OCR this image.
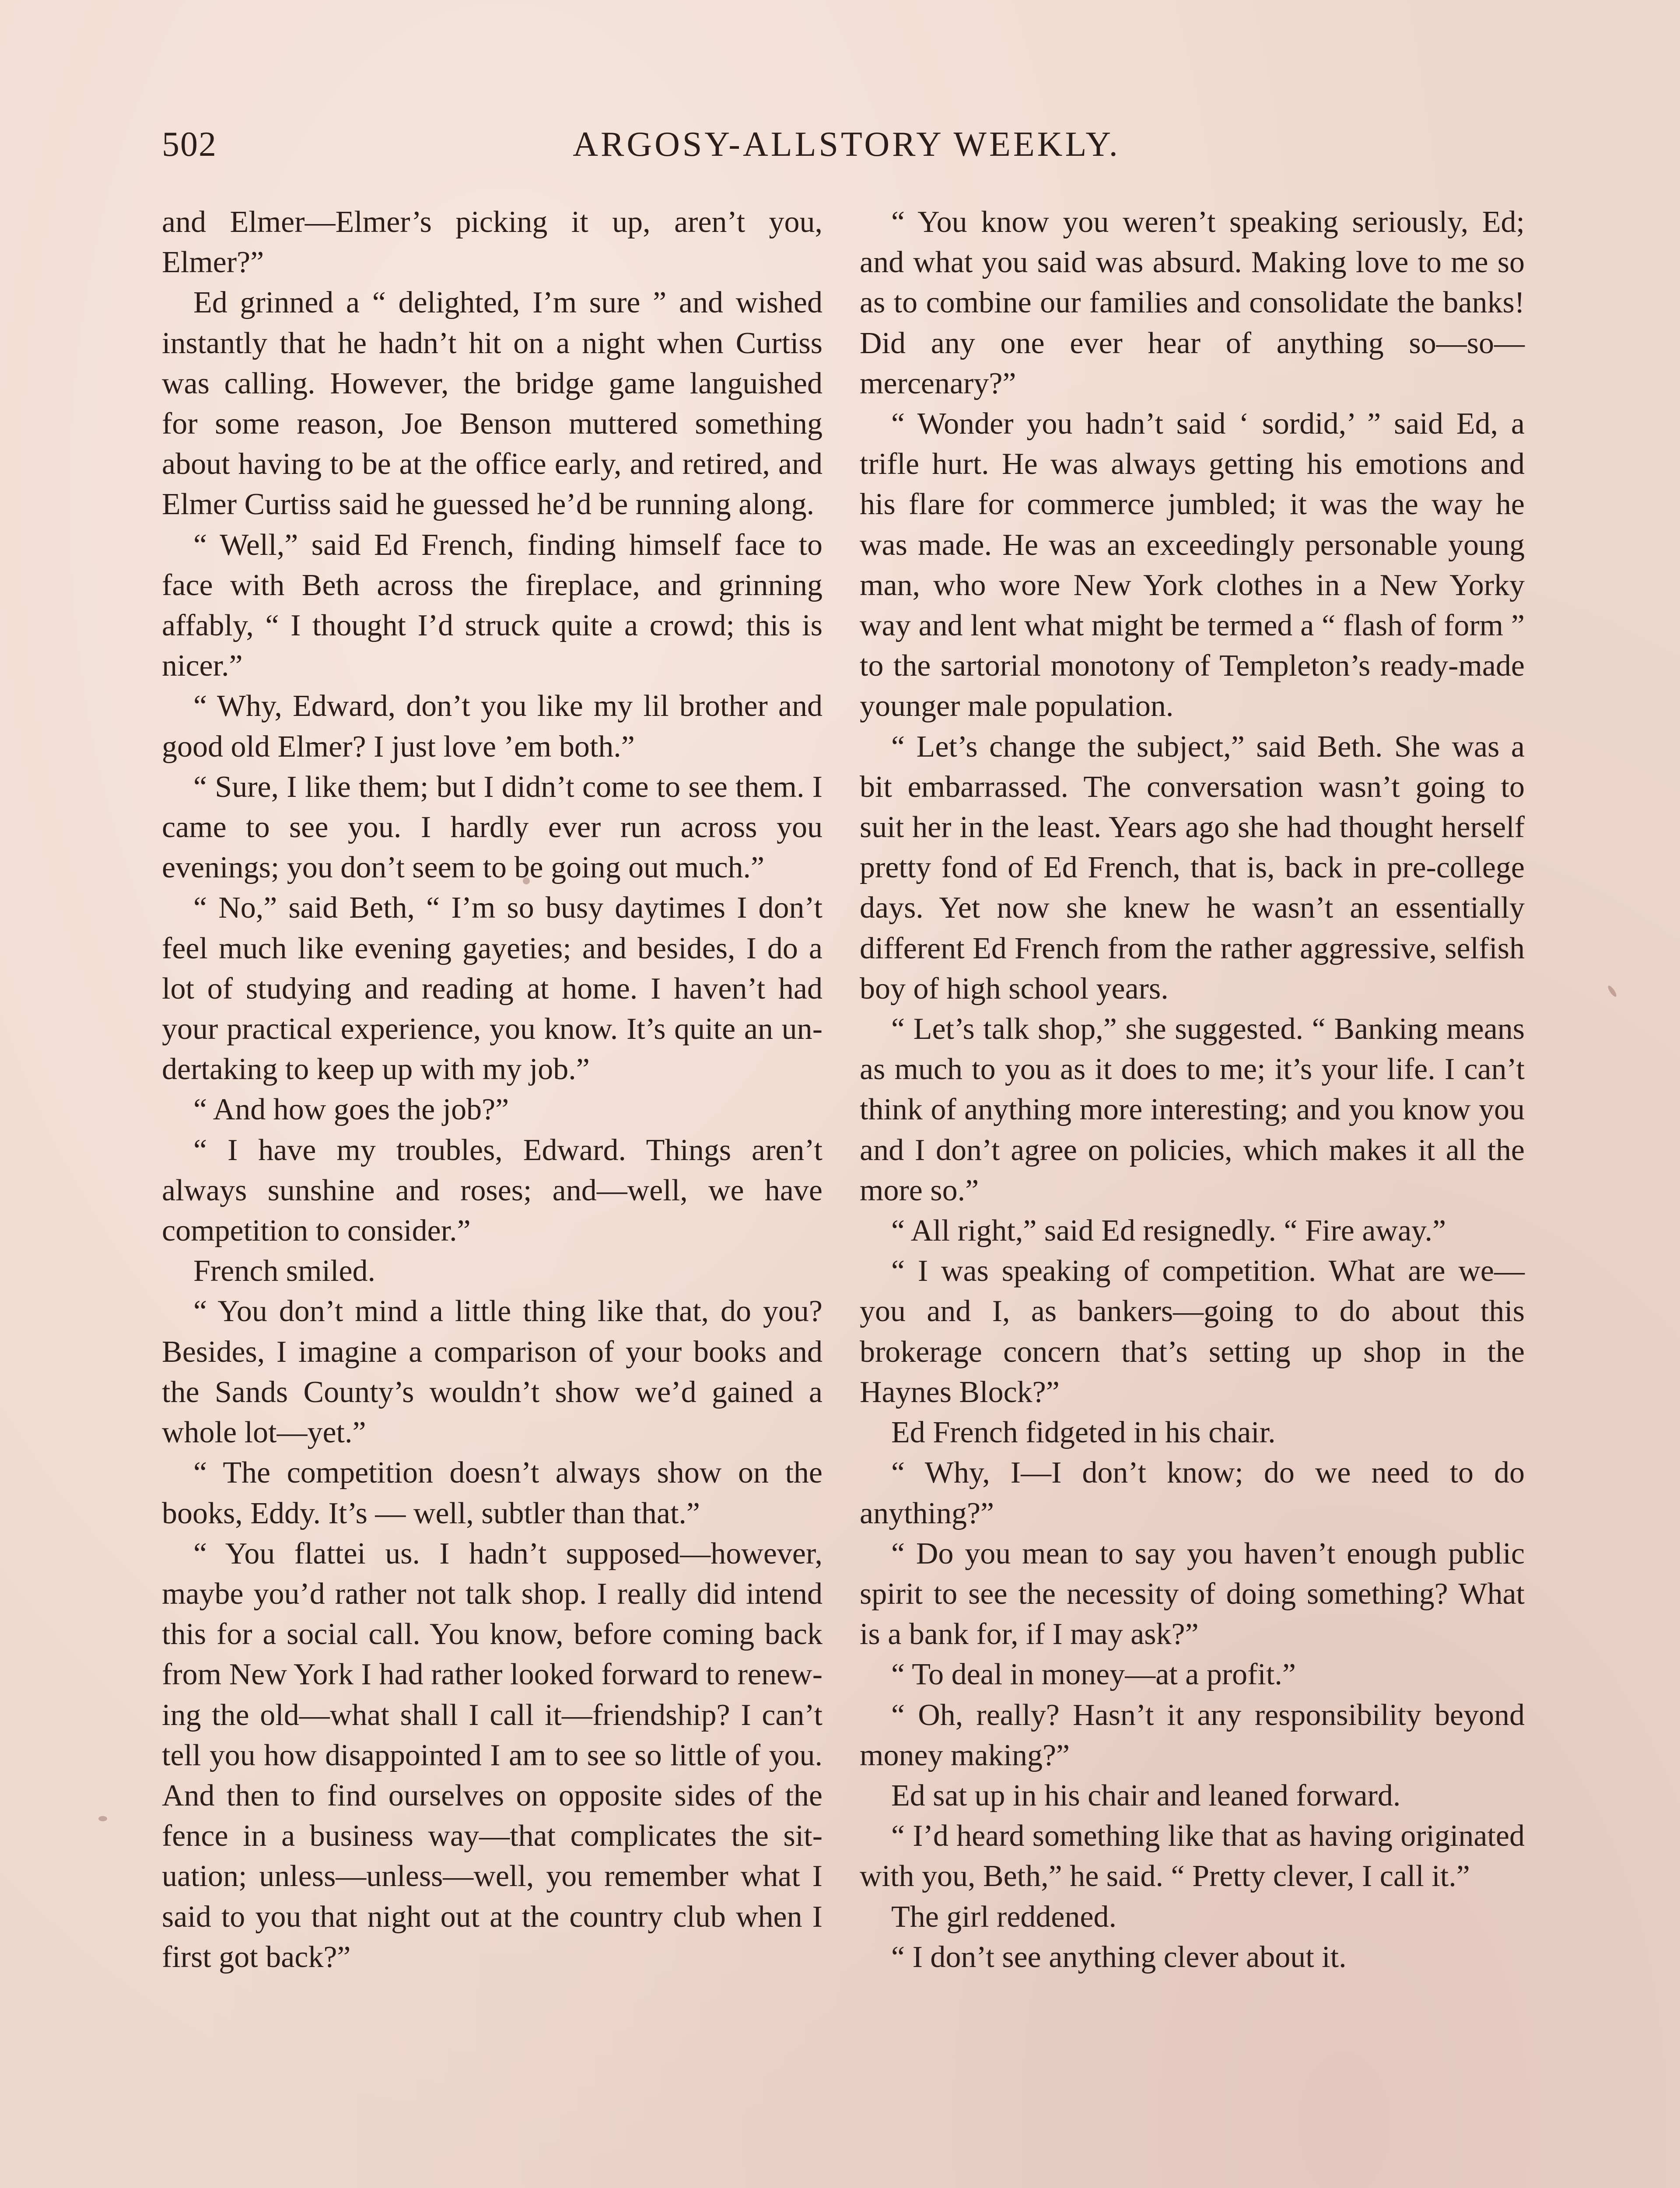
502	ARGOSY-ALLSTORY WEEKLY.

and Elmer—Elmer’s picking it up, aren’t you, Elmer?”

Ed grinned a “ delighted, I’m sure ” and wished instantly that he hadn’t hit on a night when Curtiss was calling. However, the bridge game languished for some reason, Joe Benson muttered something about having to be at the office early, and retired, and Elmer Curtiss said he guessed he’d be running along.

“ Well,” said Ed French, finding himself face to face with Beth across the fireplace, and grinning affably, “ I thought I’d struck quite a crowd; this is nicer.”

“ Why, Edward, don’t you like my lil brother and good old Elmer? I just love ’em both.”

“ Sure, I like them; but I didn’t come to see them. I came to see you. I hardly ever run across you evenings; you don’t seem to be going out much.”

“ No,” said Beth, “ I’m so busy daytimes I don’t feel much like evening gayeties; and besides, I do a lot of studying and reading at home. I haven’t had your practical experience, you know. It’s quite an undertaking to keep up with my job.”

“ And how goes the job?”

“ I have my troubles, Edward. Things aren’t always sunshine and roses; and—well, we have competition to consider.”

French smiled.

“ You don’t mind a little thing like that, do you? Besides, I imagine a comparison of your books and the Sands County’s wouldn’t show we’d gained a whole lot—yet.”

“ The competition doesn’t always show on the books, Eddy. It’s — well, subtler than that.”

“ You flattei us. I hadn’t supposed—however, maybe you’d rather not talk shop. I really did intend this for a social call. You know, before coming back from New York I had rather looked forward to renewing the old—what shall I call it—friendship? I can’t tell you how disappointed I am to see so little of you. And then to find ourselves on opposite sides of the fence in a business way—that complicates the situation; unless—unless—well, you remember what I said to you that night out at the country club when I first got back?”

“ You know you weren’t speaking seriously, Ed; and what you said was absurd. Making love to me so as to combine our families and consolidate the banks! Did any one ever hear of anything so—so—mercenary?”

“ Wonder you hadn’t said ‘ sordid,’ ” said Ed, a trifle hurt. He was always getting his emotions and his flare for commerce jumbled; it was the way he was made. He was an exceedingly personable young man, who wore New York clothes in a New Yorky way and lent what might be termed a “ flash of form ” to the sartorial monotony of Templeton’s ready-made younger male population.

“ Let’s change the subject,” said Beth. She was a bit embarrassed. The conversation wasn’t going to suit her in the least. Years ago she had thought herself pretty fond of Ed French, that is, back in pre-college days. Yet now she knew he wasn’t an essentially different Ed French from the rather aggressive, selfish boy of high school years.

“ Let’s talk shop,” she suggested. “ Banking means as much to you as it does to me; it’s your life. I can’t think of anything more interesting; and you know you and I don’t agree on policies, which makes it all the more so.”

“ All right,” said Ed resignedly. “ Fire away.”

“ I was speaking of competition. What are we—you and I, as bankers—going to do about this brokerage concern that’s setting up shop in the Haynes Block?”

Ed French fidgeted in his chair.

“ Why, I—I don’t know; do we need to do anything?”

“ Do you mean to say you haven’t enough public spirit to see the necessity of doing something? What is a bank for, if I may ask?”

“ To deal in money—at a profit.”

“ Oh, really? Hasn’t it any responsibility beyond money making?”

Ed sat up in his chair and leaned forward.

“ I’d heard something like that as having originated with you, Beth,” he said. “ Pretty clever, I call it.”

The girl reddened.

“ I don’t see anything clever about it.
